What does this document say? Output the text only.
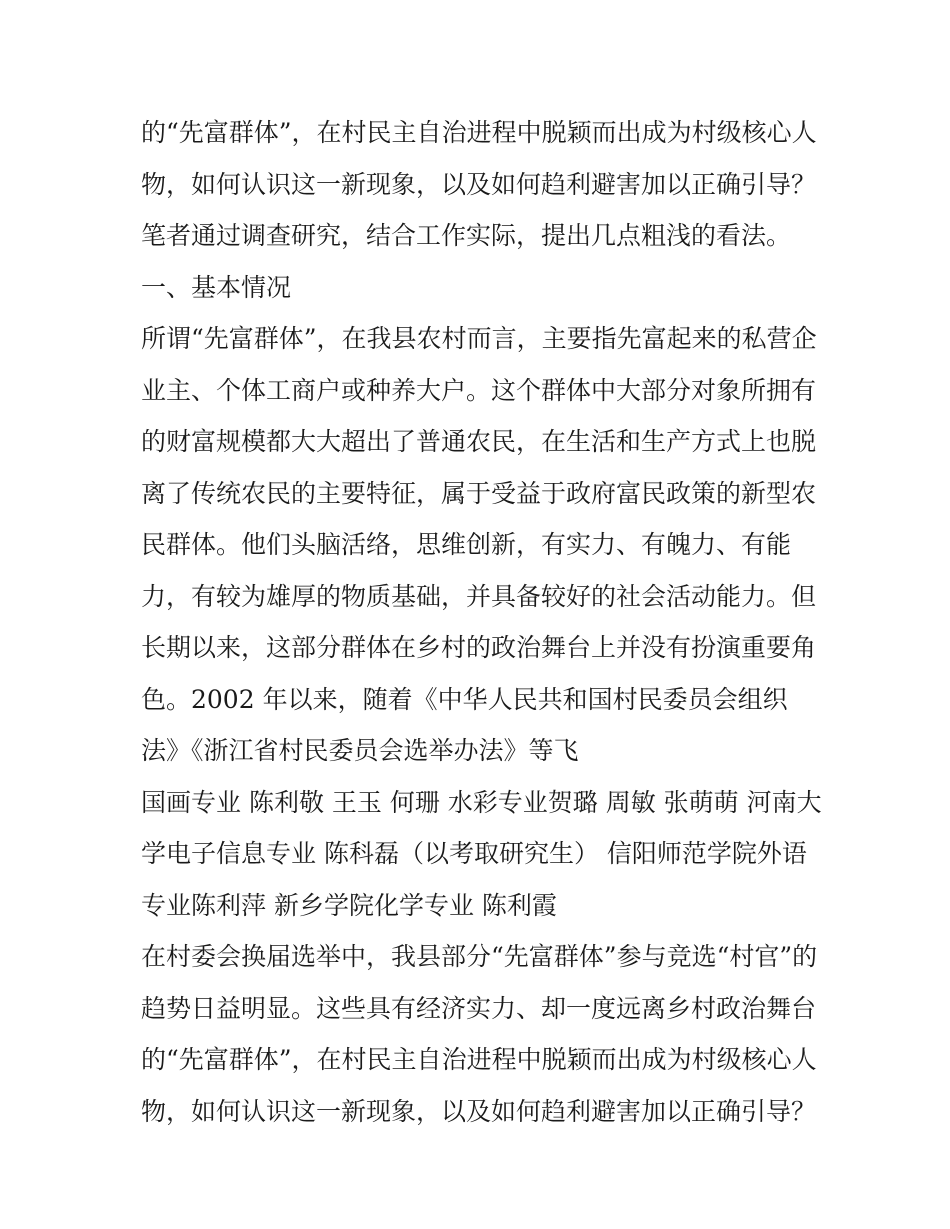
的“先富群体”，在村民主自治进程中脱颖而出成为村级核心人
物，如何认识这一新现象，以及如何趋利避害加以正确引导？
笔者通过调查研究，结合工作实际，提出几点粗浅的看法。
一、基本情况
所谓“先富群体”，在我县农村而言，主要指先富起来的私营企
业主、个体工商户或种养大户。这个群体中大部分对象所拥有
的财富规模都大大超出了普通农民，在生活和生产方式上也脱
离了传统农民的主要特征，属于受益于政府富民政策的新型农
民群体。他们头脑活络，思维创新，有实力、有魄力、有能
力，有较为雄厚的物质基础，并具备较好的社会活动能力。但
长期以来，这部分群体在乡村的政治舞台上并没有扮演重要角
色。2002 年以来，随着《中华人民共和国村民委员会组织
法》《浙江省村民委员会选举办法》等飞
国画专业 陈利敬 王玉 何珊 水彩专业贺璐 周敏 张萌萌 河南大
学电子信息专业 陈科磊（以考取研究生） 信阳师范学院外语
专业陈利萍 新乡学院化学专业 陈利霞
在村委会换届选举中，我县部分“先富群体”参与竞选“村官”的
趋势日益明显。这些具有经济实力、却一度远离乡村政治舞台
的“先富群体”，在村民主自治进程中脱颖而出成为村级核心人
物，如何认识这一新现象，以及如何趋利避害加以正确引导？
